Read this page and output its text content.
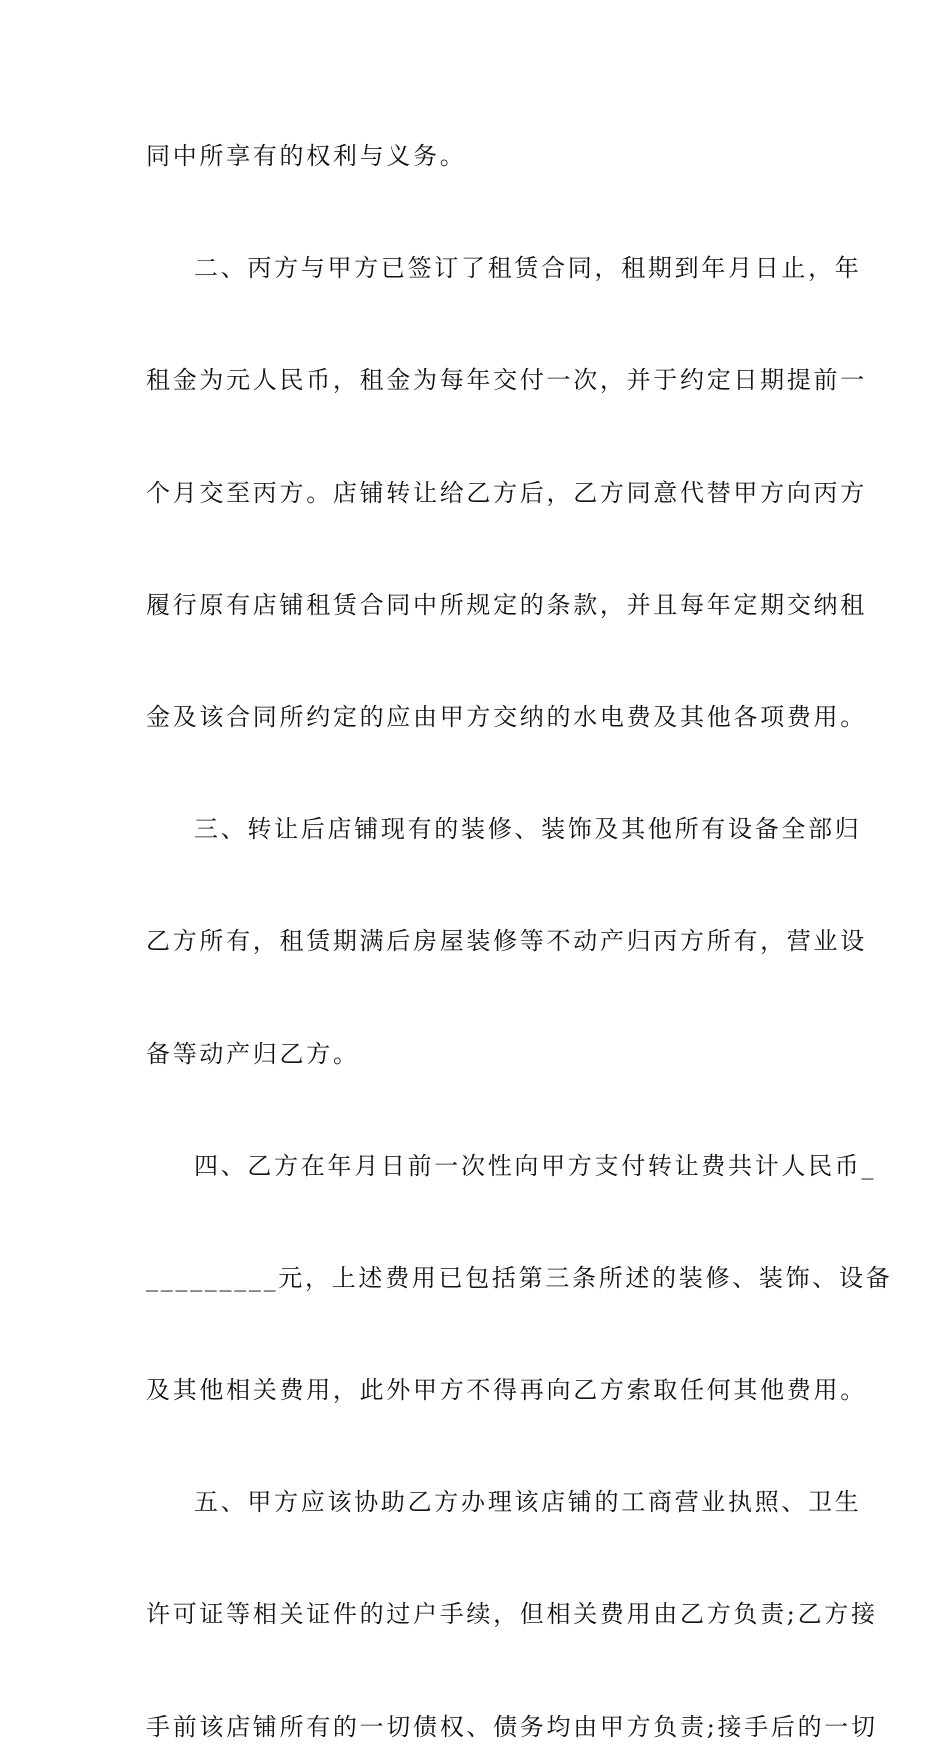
同中所享有的权利与义务。
二、丙方与甲方已签订了租赁合同，租期到年月日止，年
租金为元人民币，租金为每年交付一次，并于约定日期提前一
个月交至丙方。店铺转让给乙方后，乙方同意代替甲方向丙方
履行原有店铺租赁合同中所规定的条款，并且每年定期交纳租
金及该合同所约定的应由甲方交纳的水电费及其他各项费用。
三、转让后店铺现有的装修、装饰及其他所有设备全部归
乙方所有，租赁期满后房屋装修等不动产归丙方所有，营业设
备等动产归乙方。
四、乙方在年月日前一次性向甲方支付转让费共计人民币_
_________元，上述费用已包括第三条所述的装修、装饰、设备
及其他相关费用，此外甲方不得再向乙方索取任何其他费用。
五、甲方应该协助乙方办理该店铺的工商营业执照、卫生
许可证等相关证件的过户手续，但相关费用由乙方负责;乙方接
手前该店铺所有的一切债权、债务均由甲方负责;接手后的一切
